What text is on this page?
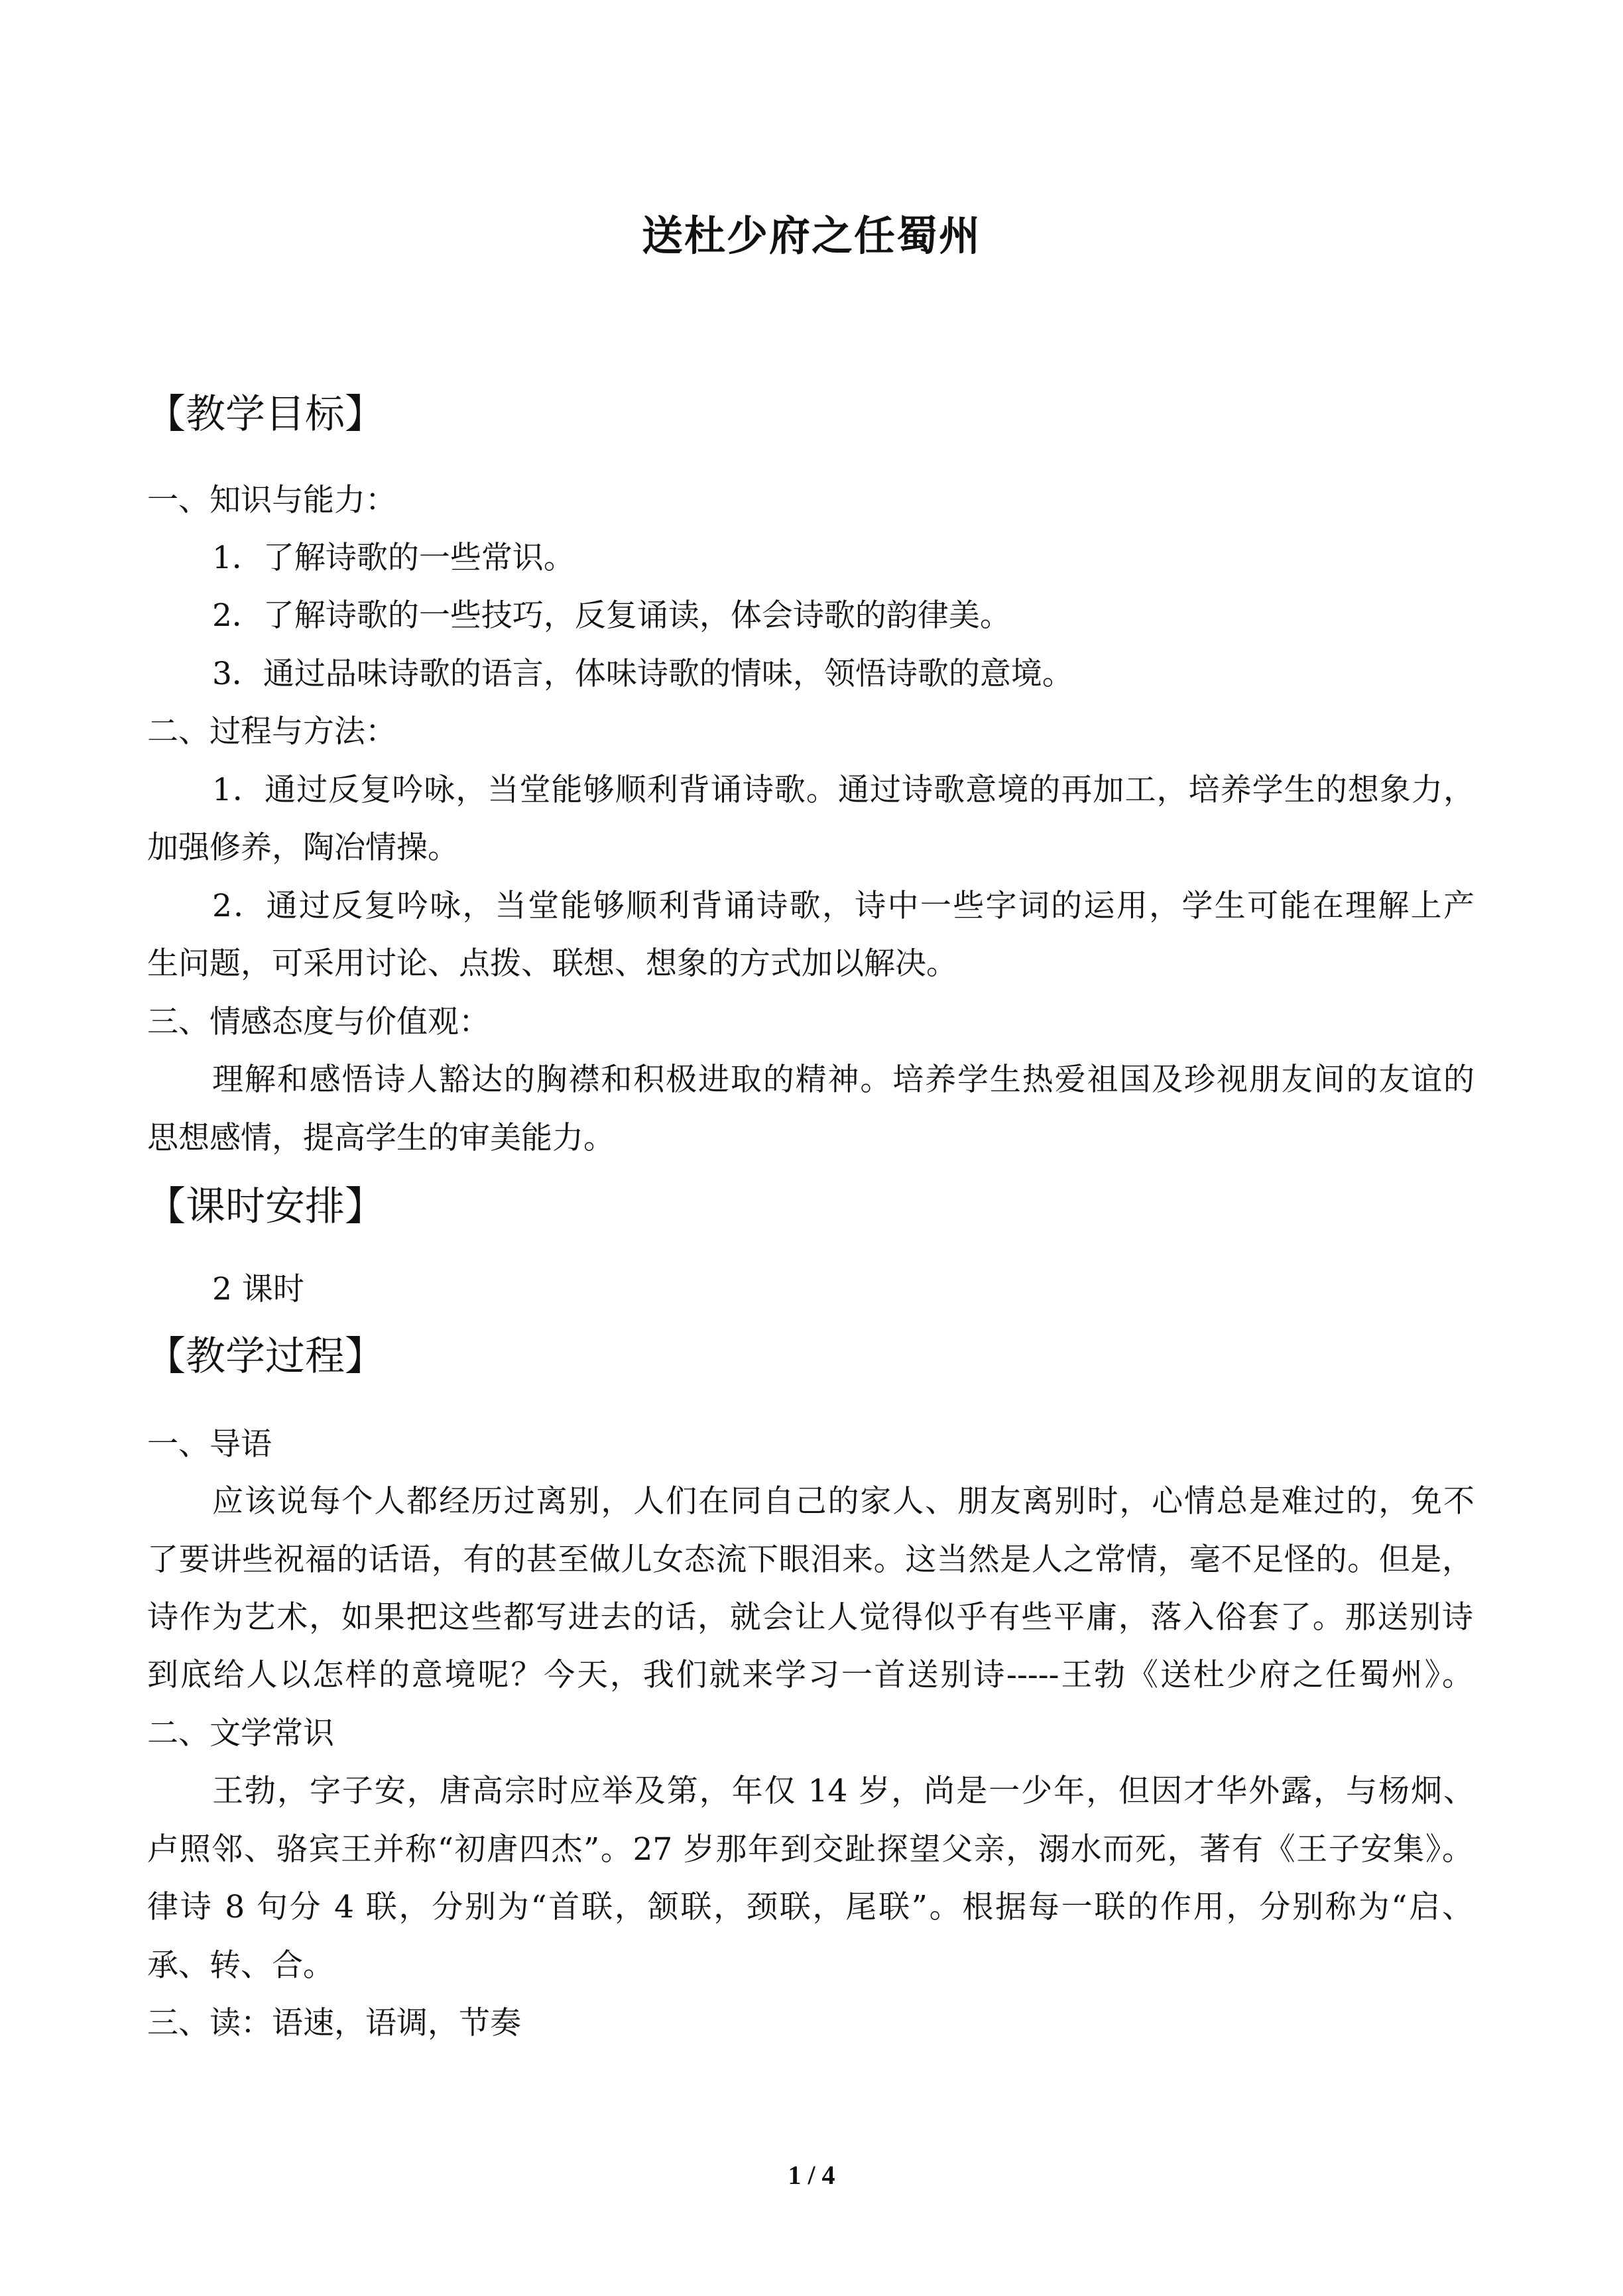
送杜少府之任蜀州
【教学目标】
一、知识与能力：
1．了解诗歌的一些常识。
2．了解诗歌的一些技巧，反复诵读，体会诗歌的韵律美。
3．通过品味诗歌的语言，体味诗歌的情味，领悟诗歌的意境。
二、过程与方法：
1．通过反复吟咏，当堂能够顺利背诵诗歌。通过诗歌意境的再加工，培养学生的想象力，
加强修养，陶冶情操。
2．通过反复吟咏，当堂能够顺利背诵诗歌，诗中一些字词的运用，学生可能在理解上产
生问题，可采用讨论、点拨、联想、想象的方式加以解决。
三、情感态度与价值观：
理解和感悟诗人豁达的胸襟和积极进取的精神。培养学生热爱祖国及珍视朋友间的友谊的
思想感情，提高学生的审美能力。
【课时安排】
2 课时
【教学过程】
一、导语
应该说每个人都经历过离别，人们在同自己的家人、朋友离别时，心情总是难过的，免不
了要讲些祝福的话语，有的甚至做儿女态流下眼泪来。这当然是人之常情，毫不足怪的。但是，
诗作为艺术，如果把这些都写进去的话，就会让人觉得似乎有些平庸，落入俗套了。那送别诗
到底给人以怎样的意境呢？今天，我们就来学习一首送别诗-----王勃《送杜少府之任蜀州》。
二、文学常识
王勃，字子安，唐高宗时应举及第，年仅 14 岁，尚是一少年，但因才华外露，与杨炯、
卢照邻、骆宾王并称“初唐四杰”。27 岁那年到交趾探望父亲，溺水而死，著有《王子安集》。
律诗 8 句分 4 联，分别为“首联，颔联，颈联，尾联”。根据每一联的作用，分别称为“启、
承、转、合。
三、读：语速，语调，节奏
1 / 4
